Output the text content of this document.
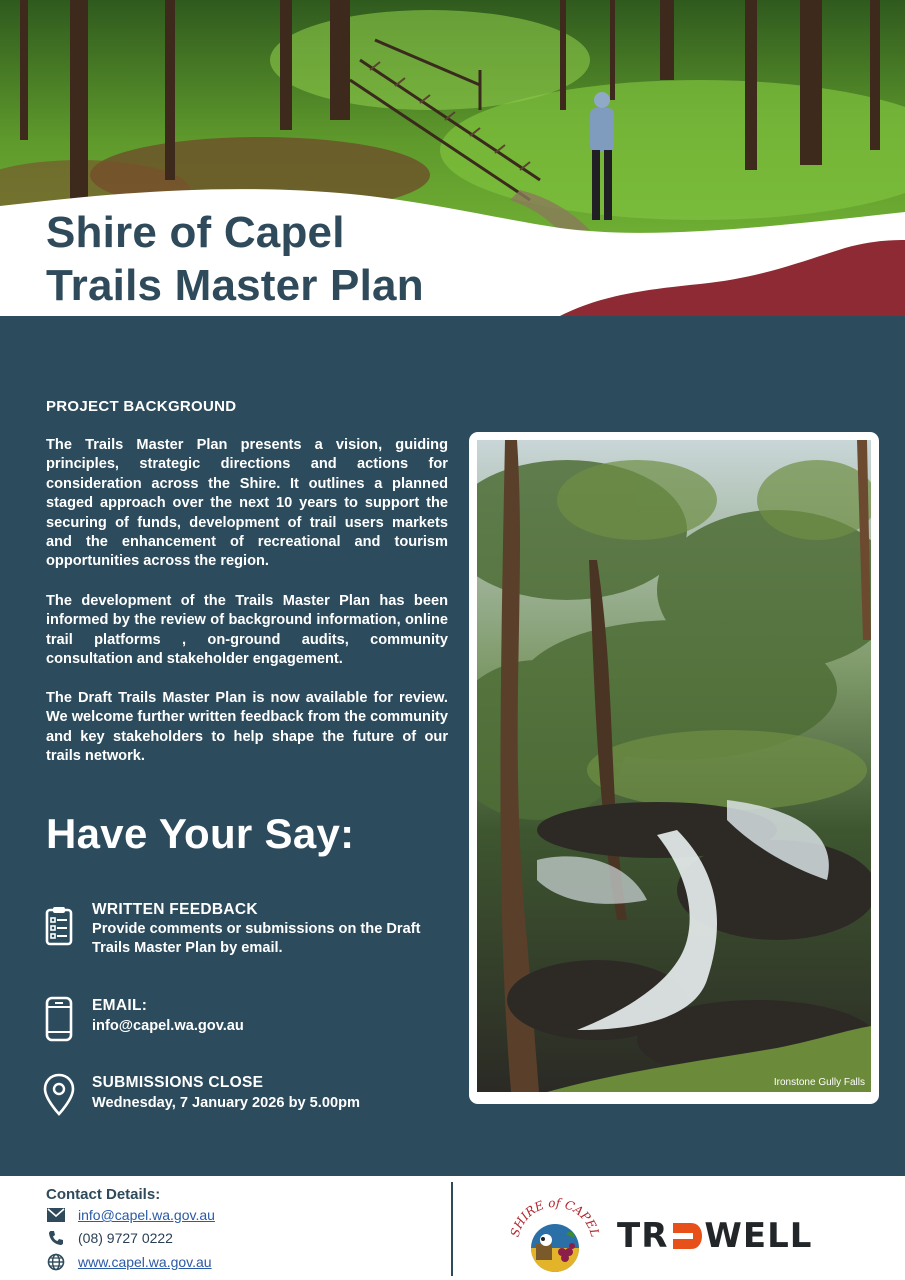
Shire of Capel
Trails Master Plan
PROJECT BACKGROUND

The Trails Master Plan presents a vision, guiding principles, strategic directions and actions for consideration across the Shire. It outlines a planned staged approach over the next 10 years to support the securing of funds, development of trail users markets and the enhancement of recreational and tourism opportunities across the region.

The development of the Trails Master Plan has been informed by the review of background information, online trail platforms , on-ground audits, community consultation and stakeholder engagement.

The Draft Trails Master Plan is now available for review. We welcome further written feedback from the community and key stakeholders to help shape the future of our trails network.

Have Your Say:
WRITTEN FEEDBACK

Provide comments or submissions on the Draft Trails Master Plan by email.

EMAIL:

info@capel.wa.gov.au

SUBMISSIONS CLOSE

Wednesday, 7 January 2026 by 5.00pm

Ironstone Gully Falls

Contact Details:
info@capel.wa.gov.au
(08) 9727 0222
www.capel.wa.gov.au
SHIRE of CAPEL TR WELL
